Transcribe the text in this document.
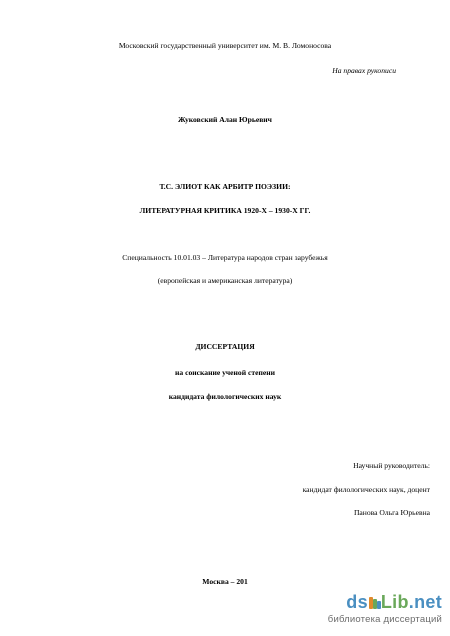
Московский государственный университет им. М. В. Ломоносова
На правах рукописи
Жуковский Алан Юрьевич
Т.С. ЭЛИОТ КАК АРБИТР ПОЭЗИИ:
ЛИТЕРАТУРНАЯ КРИТИКА 1920-Х – 1930-Х ГГ.
Специальность 10.01.03 – Литература народов стран зарубежья
(европейская и американская литература)
ДИССЕРТАЦИЯ
на соискание ученой степени
кандидата филологических наук
Научный руководитель:
кандидат филологических наук, доцент
Панова Ольга Юрьевна
Москва – 201
ds Lib .net
библиотека диссертаций
